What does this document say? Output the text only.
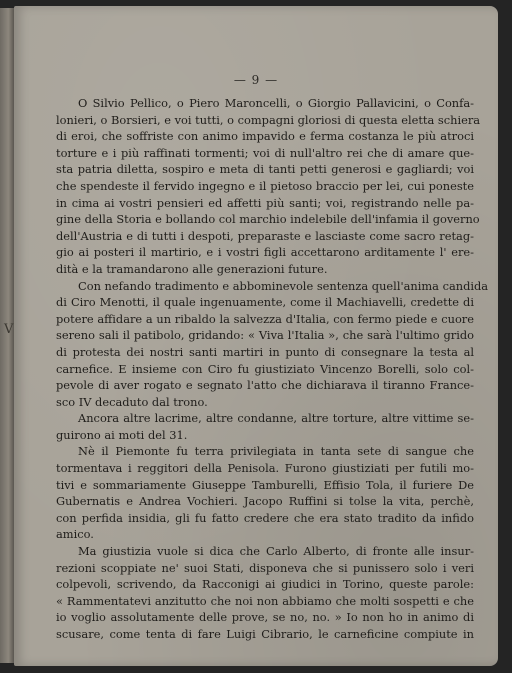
— 9 —
O Silvio Pellico, o Piero Maroncelli, o Giorgio Pallavicini, o Confa-
lonieri, o Borsieri, e voi tutti, o compagni gloriosi di questa eletta schiera
di eroi, che soffriste con animo impavido e ferma costanza le più atroci
torture e i più raffinati tormenti; voi di null'altro rei che di amare que-
sta patria diletta, sospiro e meta di tanti petti generosi e gagliardi; voi
che spendeste il fervido ingegno e il pietoso braccio per lei, cui poneste
in cima ai vostri pensieri ed affetti più santi; voi, registrando nelle pa-
gine della Storia e bollando col marchio indelebile dell'infamia il governo
dell'Austria e di tutti i despoti, preparaste e lasciaste come sacro retag-
gio ai posteri il martirio, e i vostri figli accettarono arditamente l' ere-
dità e la tramandarono alle generazioni future.
Con nefando tradimento e abbominevole sentenza quell'anima candida
di Ciro Menotti, il quale ingenuamente, come il Machiavelli, credette di
potere affidare a un ribaldo la salvezza d'Italia, con fermo piede e cuore
sereno sali il patibolo, gridando: « Viva l'Italia », che sarà l'ultimo grido
di protesta dei nostri santi martiri in punto di consegnare la testa al
carnefice. E insieme con Ciro fu giustiziato Vincenzo Borelli, solo col-
pevole di aver rogato e segnato l'atto che dichiarava il tiranno France-
sco IV decaduto dal trono.
Ancora altre lacrime, altre condanne, altre torture, altre vittime se-
guirono ai moti del 31.
Nè il Piemonte fu terra privilegiata in tanta sete di sangue che
tormentava i reggitori della Penisola. Furono giustiziati per futili mo-
tivi e sommariamente Giuseppe Tamburelli, Effisio Tola, il furiere De
Gubernatis e Andrea Vochieri. Jacopo Ruffini si tolse la vita, perchè,
con perfida insidia, gli fu fatto credere che era stato tradito da infido
amico.
Ma giustizia vuole si dica che Carlo Alberto, di fronte alle insur-
rezioni scoppiate ne' suoi Stati, disponeva che si punissero solo i veri
colpevoli, scrivendo, da Racconigi ai giudici in Torino, queste parole:
« Rammentatevi anzitutto che noi non abbiamo che molti sospetti e che
io voglio assolutamente delle prove, se no, no. » Io non ho in animo di
scusare, come tenta di fare Luigi Cibrario, le carneficine compiute in
V
